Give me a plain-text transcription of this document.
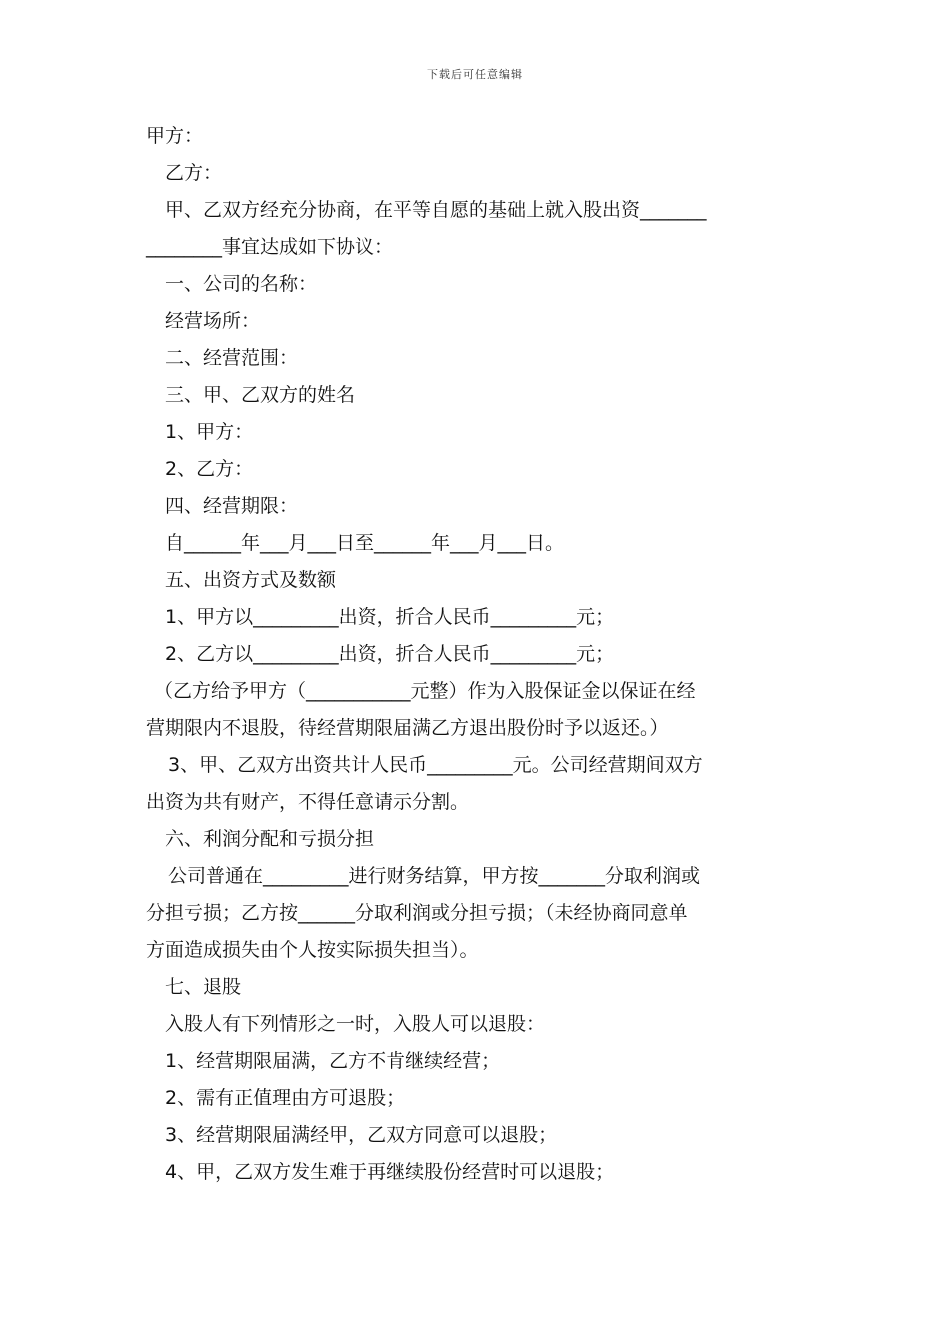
下载后可任意编辑
甲方：
乙方：
甲、乙双方经充分协商，在平等自愿的基础上就入股出资_______
________事宜达成如下协议：
一、公司的名称：
经营场所：
二、经营范围：
三、甲、乙双方的姓名
1、甲方：
2、乙方：
四、经营期限：
自______年___月___日至______年___月___日。
五、出资方式及数额
1、甲方以_________出资，折合人民币_________元；
2、乙方以_________出资，折合人民币_________元；
（乙方给予甲方（___________元整）作为入股保证金以保证在经
营期限内不退股，待经营期限届满乙方退出股份时予以返还。）
3、甲、乙双方出资共计人民币_________元。公司经营期间双方
出资为共有财产，不得任意请示分割。
六、利润分配和亏损分担
公司普通在_________进行财务结算，甲方按_______分取利润或
分担亏损；乙方按______分取利润或分担亏损；（未经协商同意单
方面造成损失由个人按实际损失担当）。
七、退股
入股人有下列情形之一时，入股人可以退股：
1、经营期限届满，乙方不肯继续经营；
2、需有正值理由方可退股；
3、经营期限届满经甲，乙双方同意可以退股；
4、甲，乙双方发生难于再继续股份经营时可以退股；
